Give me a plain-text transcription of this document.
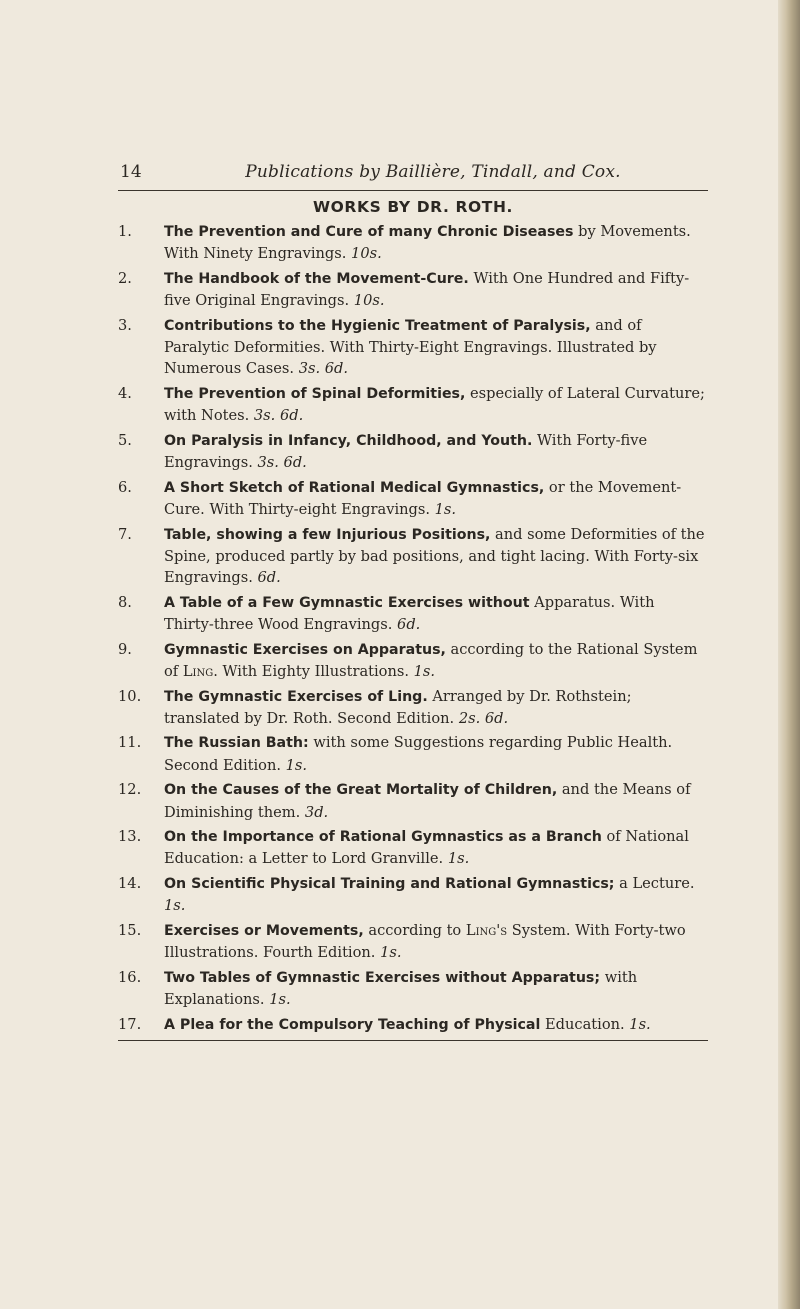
14	Publications by Baillière, Tindall, and Cox.
WORKS BY DR. ROTH.
1.	The Prevention and Cure of many Chronic Diseases by Movements. With Ninety Engravings. 10s.
2.	The Handbook of the Movement-Cure. With One Hundred and Fifty-five Original Engravings. 10s.
3.	Contributions to the Hygienic Treatment of Paralysis, and of Paralytic Deformities. With Thirty-Eight Engravings. Illustrated by Numerous Cases. 3s. 6d.
4.	The Prevention of Spinal Deformities, especially of Lateral Curvature; with Notes. 3s. 6d.
5.	On Paralysis in Infancy, Childhood, and Youth. With Forty-five Engravings. 3s. 6d.
6.	A Short Sketch of Rational Medical Gymnastics, or the Movement-Cure. With Thirty-eight Engravings. 1s.
7.	Table, showing a few Injurious Positions, and some Deformities of the Spine, produced partly by bad positions, and tight lacing. With Forty-six Engravings. 6d.
8.	A Table of a Few Gymnastic Exercises without Apparatus. With Thirty-three Wood Engravings. 6d.
9.	Gymnastic Exercises on Apparatus, according to the Rational System of Ling. With Eighty Illustrations. 1s.
10.	The Gymnastic Exercises of Ling. Arranged by Dr. Rothstein; translated by Dr. Roth. Second Edition. 2s. 6d.
11.	The Russian Bath: with some Suggestions regarding Public Health. Second Edition. 1s.
12.	On the Causes of the Great Mortality of Children, and the Means of Diminishing them. 3d.
13.	On the Importance of Rational Gymnastics as a Branch of National Education: a Letter to Lord Granville. 1s.
14.	On Scientific Physical Training and Rational Gymnastics; a Lecture. 1s.
15.	Exercises or Movements, according to Ling's System. With Forty-two Illustrations. Fourth Edition. 1s.
16.	Two Tables of Gymnastic Exercises without Apparatus; with Explanations. 1s.
17.	A Plea for the Compulsory Teaching of Physical Education. 1s.
